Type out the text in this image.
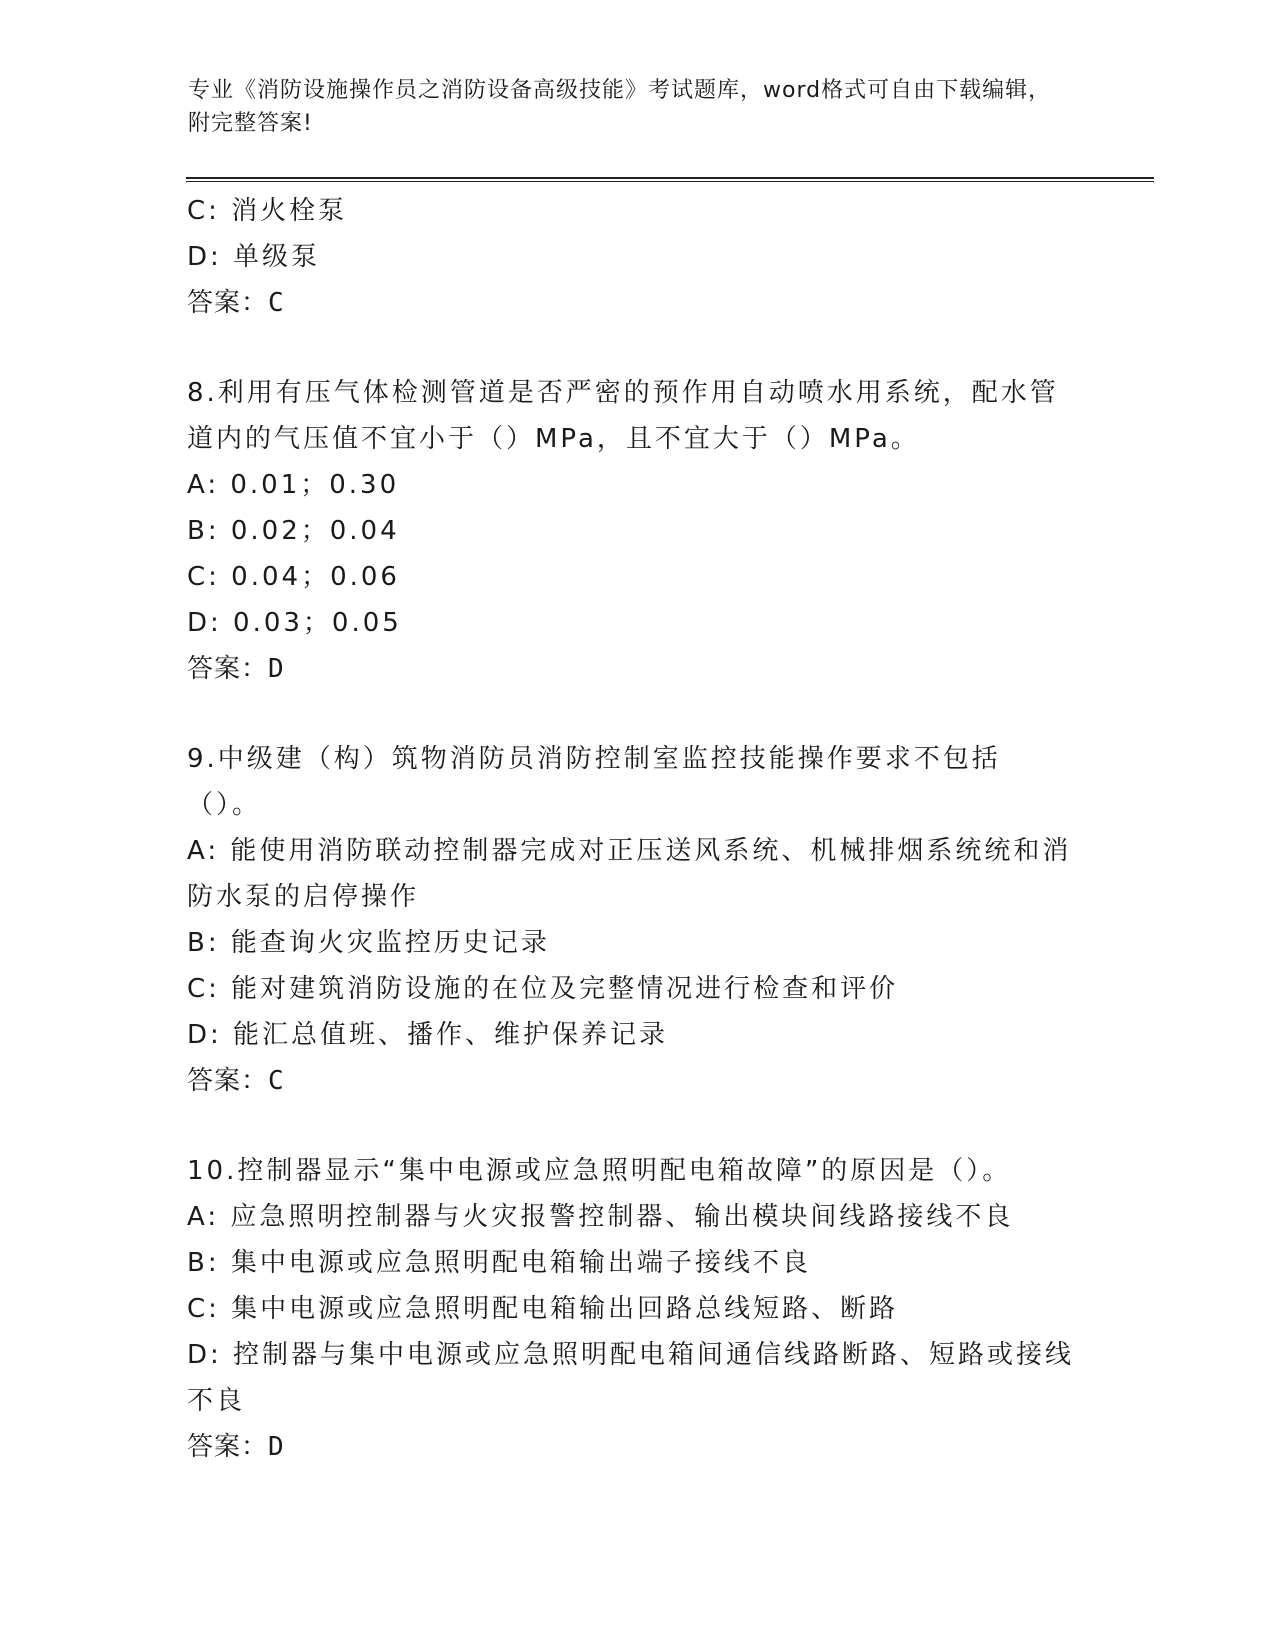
专业《消防设施操作员之消防设备高级技能》考试题库，word格式可自由下载编辑，附完整答案!
C: 消火栓泵
D: 单级泵
答案：C
8.利用有压气体检测管道是否严密的预作用自动喷水用系统，配水管道内的气压值不宜小于（）MPa，且不宜大于（）MPa。
A: 0.01；0.30
B: 0.02；0.04
C: 0.04；0.06
D: 0.03；0.05
答案：D
9.中级建（构）筑物消防员消防控制室监控技能操作要求不包括（）。
A: 能使用消防联动控制器完成对正压送风系统、机械排烟系统统和消防水泵的启停操作
B: 能查询火灾监控历史记录
C: 能对建筑消防设施的在位及完整情况进行检查和评价
D: 能汇总值班、播作、维护保养记录
答案：C
10.控制器显示“集中电源或应急照明配电箱故障”的原因是（）。
A: 应急照明控制器与火灾报警控制器、输出模块间线路接线不良
B: 集中电源或应急照明配电箱输出端子接线不良
C: 集中电源或应急照明配电箱输出回路总线短路、断路
D: 控制器与集中电源或应急照明配电箱间通信线路断路、短路或接线不良
答案：D
